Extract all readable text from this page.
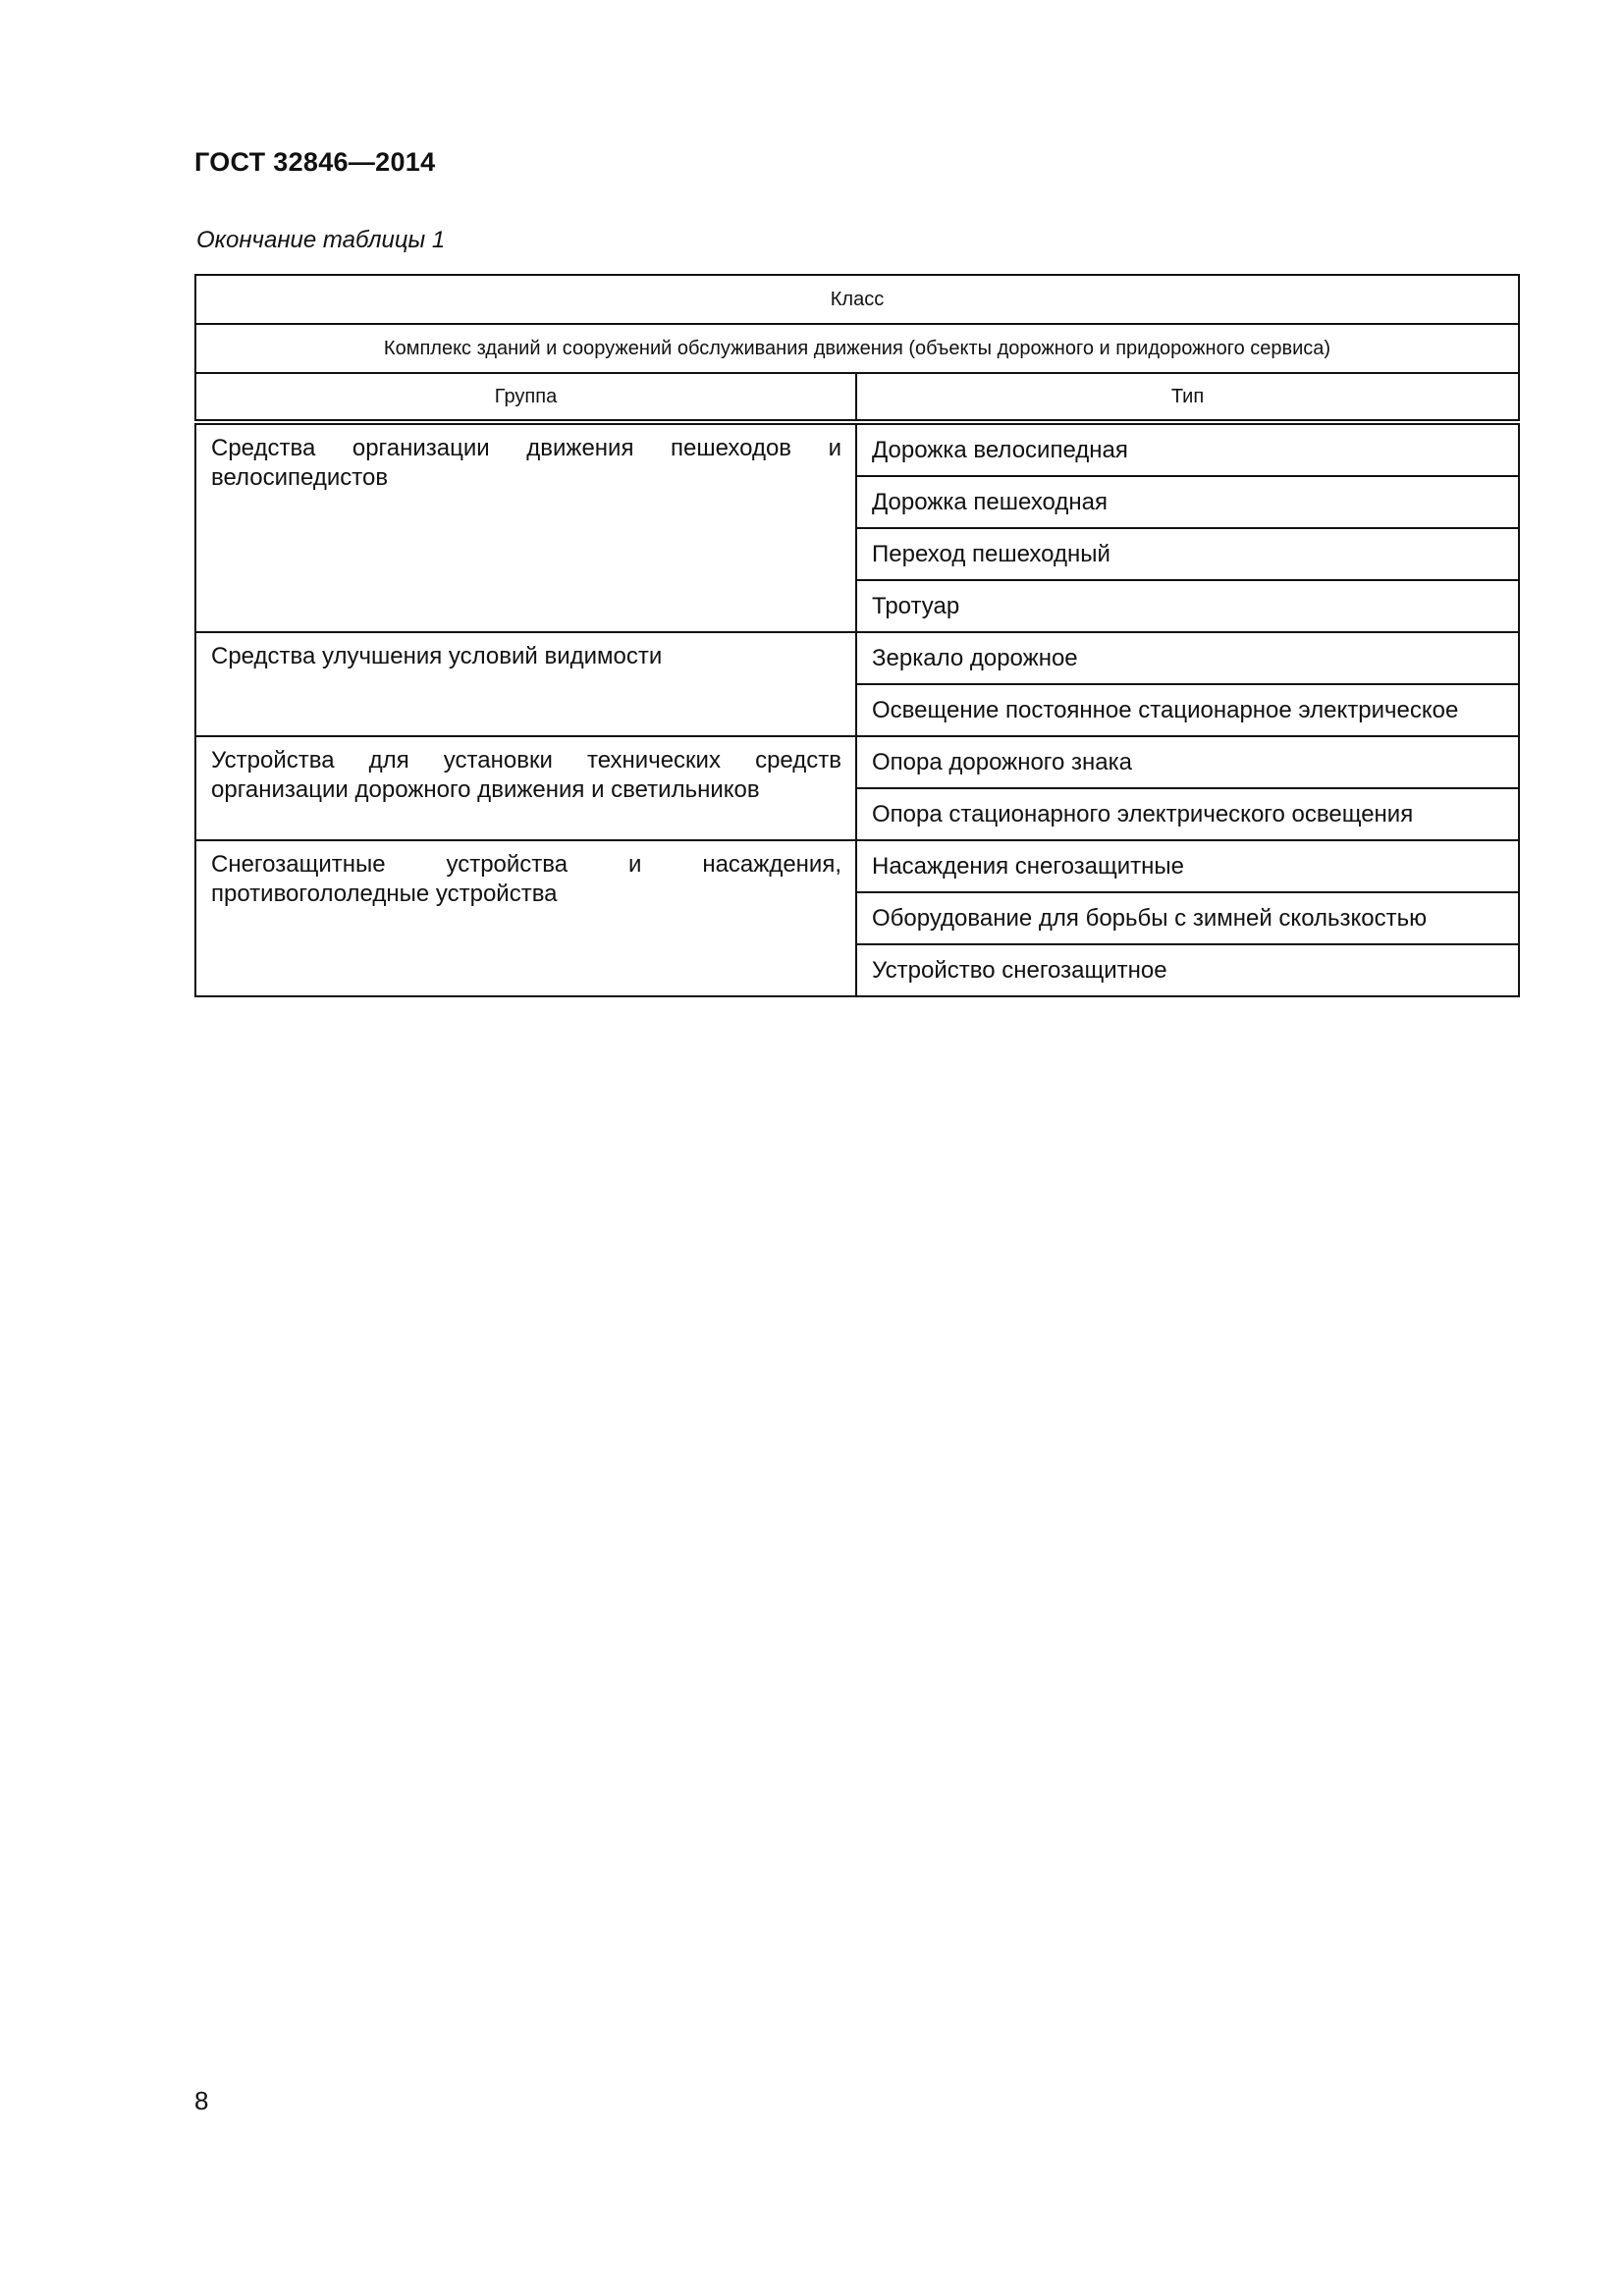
ГОСТ 32846—2014
Окончание таблицы 1
Класс	
Комплекс зданий и сооружений обслуживания движения (объекты дорожного и придорожного сервиса)	
Группа	Тип
Средства организации движения пешеходов и велосипедистов	Дорожка велосипедная
	Дорожка пешеходная
	Переход пешеходный
	Тротуар
Средства улучшения условий видимости	Зеркало дорожное
	Освещение постоянное стационарное электрическое
Устройства для установки технических средств организации дорожного движения и светильников	Опора дорожного знака
	Опора стационарного электрического освещения
Снегозащитные устройства и насаждения, противогололедные устройства	Насаждения снегозащитные
	Оборудование для борьбы с зимней скользкостью
	Устройство снегозащитное
8
